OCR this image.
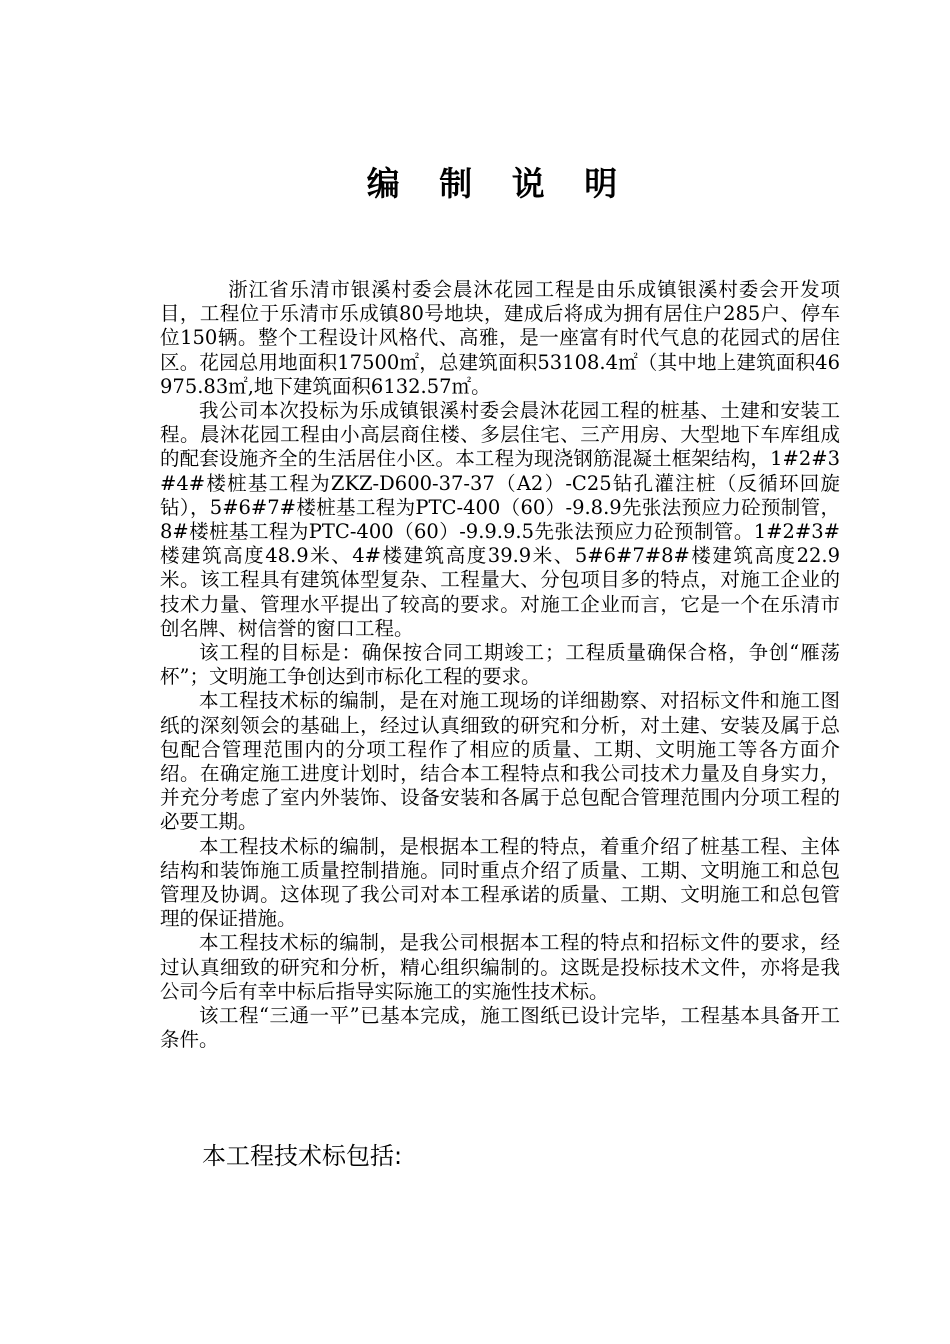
编 制 说 明

浙江省乐清市银溪村委会晨沐花园工程是由乐成镇银溪村委会开发项目，工程位于乐清市乐成镇80号地块，建成后将成为拥有居住户285户、停车位150辆。整个工程设计风格代、高雅，是一座富有时代气息的花园式的居住区。花园总用地面积17500㎡，总建筑面积53108.4㎡（其中地上建筑面积46975.83㎡,地下建筑面积6132.57㎡。

我公司本次投标为乐成镇银溪村委会晨沐花园工程的桩基、土建和安装工程。晨沐花园工程由小高层商住楼、多层住宅、三产用房、大型地下车库组成的配套设施齐全的生活居住小区。本工程为现浇钢筋混凝土框架结构，1#2#3#4#楼桩基工程为ZKZ-D600-37-37（A2）-C25钻孔灌注桩（反循环回旋钻），5#6#7#楼桩基工程为PTC-400（60）-9.8.9先张法预应力砼预制管，8#楼桩基工程为PTC-400（60）-9.9.9.5先张法预应力砼预制管。1#2#3#楼建筑高度48.9米、4#楼建筑高度39.9米、5#6#7#8#楼建筑高度22.9米。该工程具有建筑体型复杂、工程量大、分包项目多的特点，对施工企业的技术力量、管理水平提出了较高的要求。对施工企业而言，它是一个在乐清市创名牌、树信誉的窗口工程。

该工程的目标是：确保按合同工期竣工；工程质量确保合格，争创“雁荡杯”；文明施工争创达到市标化工程的要求。

本工程技术标的编制，是在对施工现场的详细勘察、对招标文件和施工图纸的深刻领会的基础上，经过认真细致的研究和分析，对土建、安装及属于总包配合管理范围内的分项工程作了相应的质量、工期、文明施工等各方面介绍。在确定施工进度计划时，结合本工程特点和我公司技术力量及自身实力，并充分考虑了室内外装饰、设备安装和各属于总包配合管理范围内分项工程的必要工期。

本工程技术标的编制，是根据本工程的特点，着重介绍了桩基工程、主体结构和装饰施工质量控制措施。同时重点介绍了质量、工期、文明施工和总包管理及协调。这体现了我公司对本工程承诺的质量、工期、文明施工和总包管理的保证措施。

本工程技术标的编制，是我公司根据本工程的特点和招标文件的要求，经过认真细致的研究和分析，精心组织编制的。这既是投标技术文件，亦将是我公司今后有幸中标后指导实际施工的实施性技术标。

该工程“三通一平”已基本完成，施工图纸已设计完毕，工程基本具备开工条件。

本工程技术标包括:
